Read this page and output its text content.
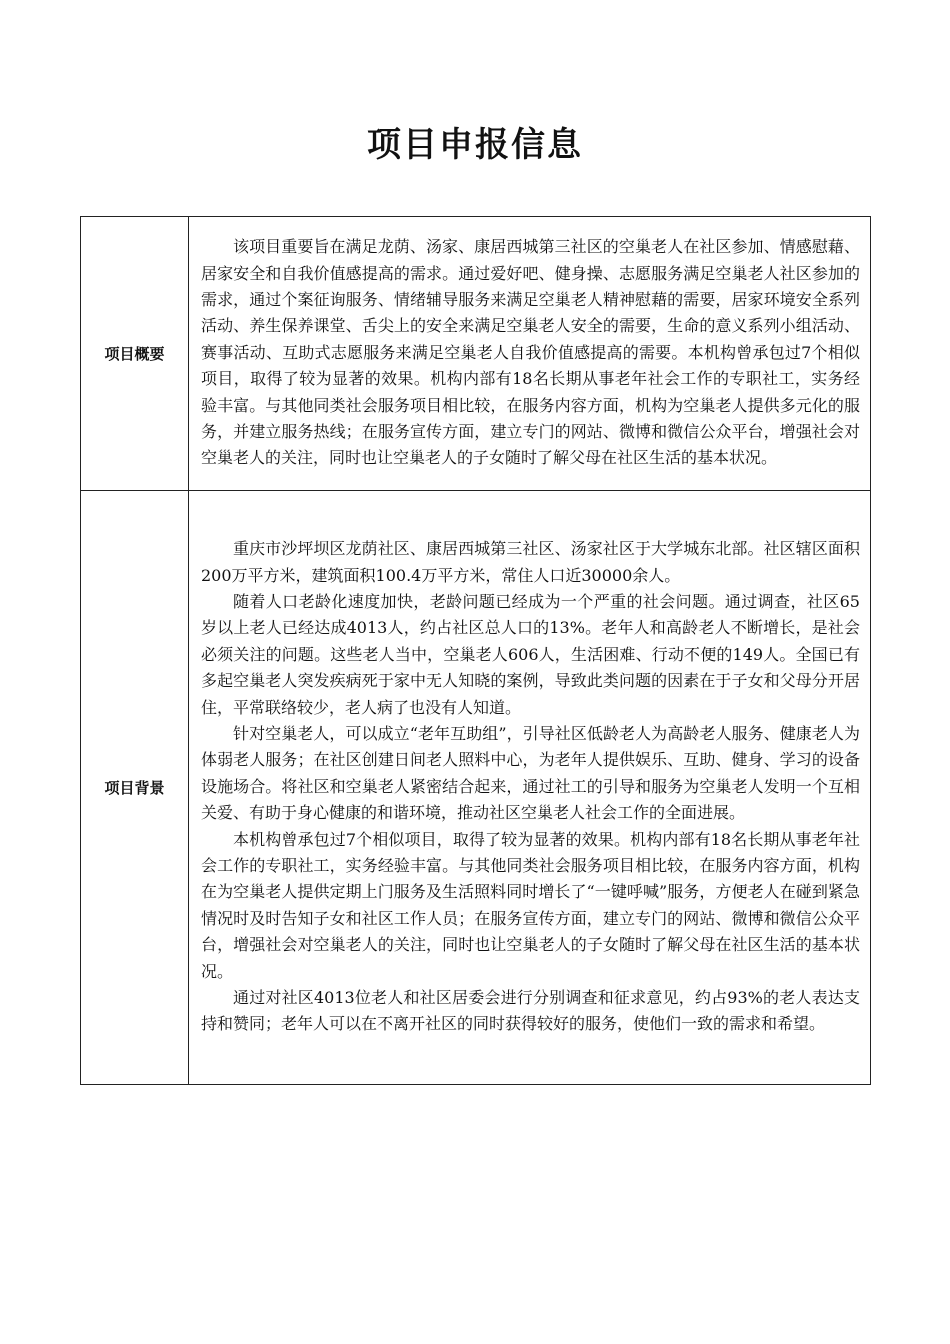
项目申报信息
项目概要	该项目重要旨在满足龙荫、汤家、康居西城第三社区的空巢老人在社区参加、情感慰藉、居家安全和自我价值感提高的需求。通过爱好吧、健身操、志愿服务满足空巢老人社区参加的需求，通过个案征询服务、情绪辅导服务来满足空巢老人精神慰藉的需要，居家环境安全系列活动、养生保养课堂、舌尖上的安全来满足空巢老人安全的需要，生命的意义系列小组活动、赛事活动、互助式志愿服务来满足空巢老人自我价值感提高的需要。本机构曾承包过7个相似项目，取得了较为显著的效果。机构内部有18名长期从事老年社会工作的专职社工，实务经验丰富。与其他同类社会服务项目相比较，在服务内容方面，机构为空巢老人提供多元化的服务，并建立服务热线；在服务宣传方面，建立专门的网站、微博和微信公众平台，增强社会对空巢老人的关注，同时也让空巢老人的子女随时了解父母在社区生活的基本状况。

项目背景	重庆市沙坪坝区龙荫社区、康居西城第三社区、汤家社区于大学城东北部。社区辖区面积200万平方米，建筑面积100.4万平方米，常住人口近30000余人。

随着人口老龄化速度加快，老龄问题已经成为一个严重的社会问题。通过调查，社区65岁以上老人已经达成4013人，约占社区总人口的13%。老年人和高龄老人不断增长，是社会必须关注的问题。这些老人当中，空巢老人606人，生活困难、行动不便的149人。全国已有多起空巢老人突发疾病死于家中无人知晓的案例，导致此类问题的因素在于子女和父母分开居住，平常联络较少，老人病了也没有人知道。

针对空巢老人，可以成立“老年互助组”，引导社区低龄老人为高龄老人服务、健康老人为体弱老人服务；在社区创建日间老人照料中心，为老年人提供娱乐、互助、健身、学习的设备设施场合。将社区和空巢老人紧密结合起来，通过社工的引导和服务为空巢老人发明一个互相关爱、有助于身心健康的和谐环境，推动社区空巢老人社会工作的全面进展。

本机构曾承包过7个相似项目，取得了较为显著的效果。机构内部有18名长期从事老年社会工作的专职社工，实务经验丰富。与其他同类社会服务项目相比较，在服务内容方面，机构在为空巢老人提供定期上门服务及生活照料同时增长了“一键呼喊”服务，方便老人在碰到紧急情况时及时告知子女和社区工作人员；在服务宣传方面，建立专门的网站、微博和微信公众平台，增强社会对空巢老人的关注，同时也让空巢老人的子女随时了解父母在社区生活的基本状况。

通过对社区4013位老人和社区居委会进行分别调查和征求意见，约占93%的老人表达支持和赞同；老年人可以在不离开社区的同时获得较好的服务，使他们一致的需求和希望。
